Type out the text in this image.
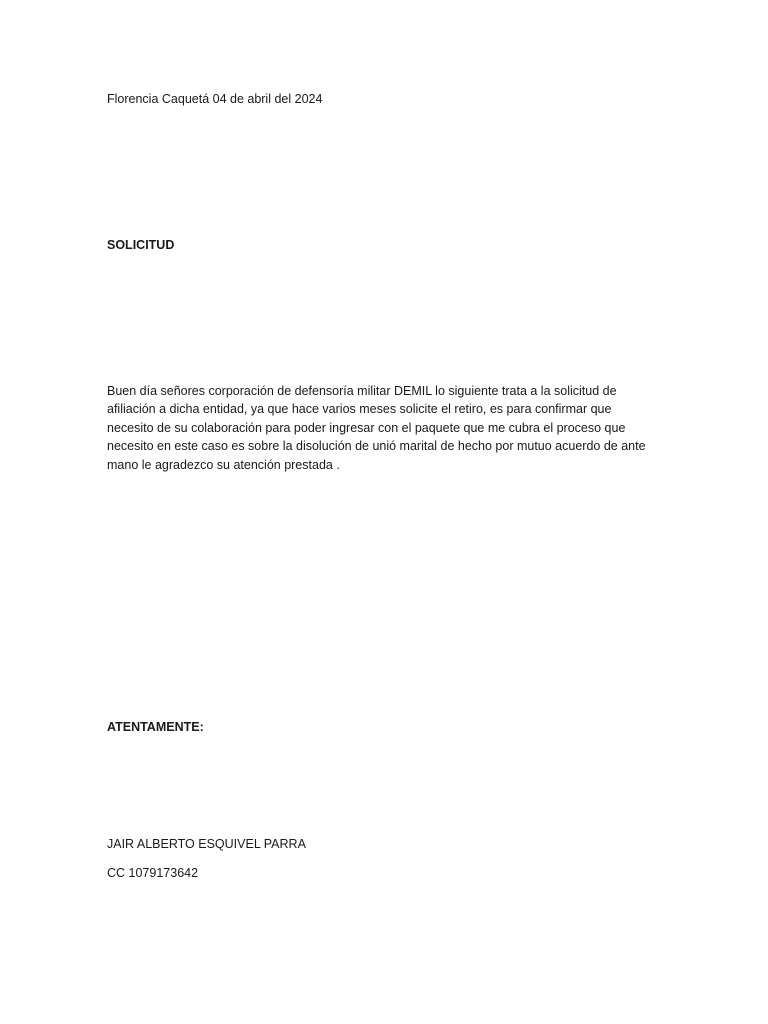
Florencia Caquetá 04 de abril del 2024
SOLICITUD
Buen día señores corporación de defensoría militar DEMIL lo siguiente trata a la solicitud de
afiliación a dicha entidad, ya que hace varios meses solicite el retiro, es para confirmar que
necesito de su colaboración para poder ingresar con el paquete que me cubra el proceso que
necesito en este caso es sobre la disolución de unió marital de hecho por mutuo acuerdo de ante
mano le agradezco su atención prestada .
ATENTAMENTE:
JAIR ALBERTO ESQUIVEL PARRA
CC 1079173642
